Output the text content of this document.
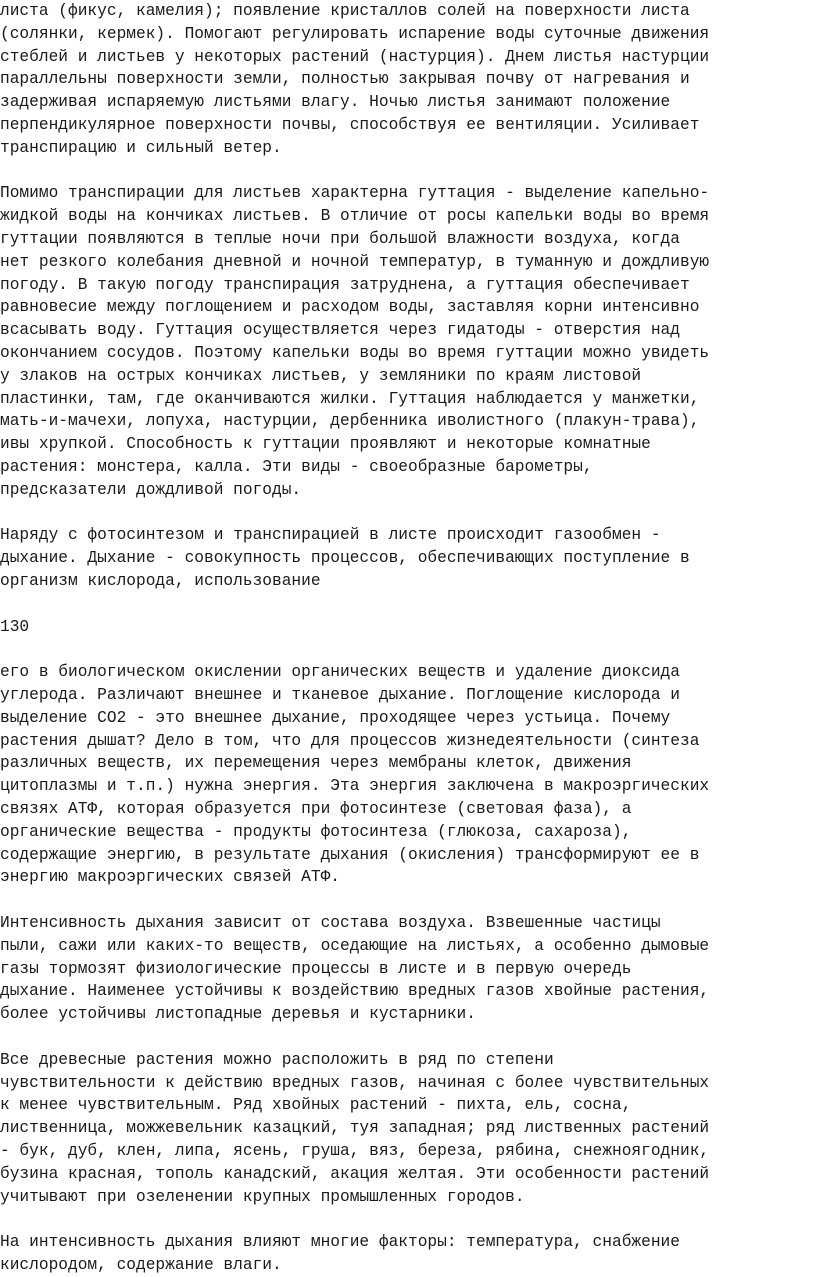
листа (фикус, камелия); появление кристаллов солей на поверхности листа

(солянки, кермек). Помогают регулировать испарение воды суточные движения

стеблей и листьев у некоторых растений (настурция). Днем листья настурции

параллельны поверхности земли, полностью закрывая почву от нагревания и

задерживая испаряемую листьями влагу. Ночью листья занимают положение

перпендикулярное поверхности почвы, способствуя ее вентиляции. Усиливает

транспирацию и сильный ветер.

Помимо транспирации для листьев характерна гуттация - выделение капельно-

жидкой воды на кончиках листьев. В отличие от росы капельки воды во время

гуттации появляются в теплые ночи при большой влажности воздуха, когда

нет резкого колебания дневной и ночной температур, в туманную и дождливую

погоду. В такую погоду транспирация затруднена, а гуттация обеспечивает

равновесие между поглощением и расходом воды, заставляя корни интенсивно

всасывать воду. Гуттация осуществляется через гидатоды - отверстия над

окончанием сосудов. Поэтому капельки воды во время гуттации можно увидеть

у злаков на острых кончиках листьев, у земляники по краям листовой

пластинки, там, где оканчиваются жилки. Гуттация наблюдается у манжетки,

мать-и-мачехи, лопуха, настурции, дербенника иволистного (плакун-трава),

ивы хрупкой. Способность к гуттации проявляют и некоторые комнатные

растения: монстера, калла. Эти виды - своеобразные барометры,

предсказатели дождливой погоды.

Наряду с фотосинтезом и транспирацией в листе происходит газообмен -

дыхание. Дыхание - совокупность процессов, обеспечивающих поступление в

организм кислорода, использование

130

его в биологическом окислении органических веществ и удаление диоксида

углерода. Различают внешнее и тканевое дыхание. Поглощение кислорода и

выделение СО2 - это внешнее дыхание, проходящее через устьица. Почему

растения дышат? Дело в том, что для процессов жизнедеятельности (синтеза

различных веществ, их перемещения через мембраны клеток, движения

цитоплазмы и т.п.) нужна энергия. Эта энергия заключена в макроэргических

связях АТФ, которая образуется при фотосинтезе (световая фаза), а

органические вещества - продукты фотосинтеза (глюкоза, сахароза),

содержащие энергию, в результате дыхания (окисления) трансформируют ее в

энергию макроэргических связей АТФ.

Интенсивность дыхания зависит от состава воздуха. Взвешенные частицы

пыли, сажи или каких-то веществ, оседающие на листьях, а особенно дымовые

газы тормозят физиологические процессы в листе и в первую очередь

дыхание. Наименее устойчивы к воздействию вредных газов хвойные растения,

более устойчивы листопадные деревья и кустарники.

Все древесные растения можно расположить в ряд по степени

чувствительности к действию вредных газов, начиная с более чувствительных

к менее чувствительным. Ряд хвойных растений - пихта, ель, сосна,

лиственница, можжевельник казацкий, туя западная; ряд лиственных растений

- бук, дуб, клен, липа, ясень, груша, вяз, береза, рябина, снежноягодник,

бузина красная, тополь канадский, акация желтая. Эти особенности растений

учитывают при озеленении крупных промышленных городов.

На интенсивность дыхания влияют многие факторы: температура, снабжение

кислородом, содержание влаги.
